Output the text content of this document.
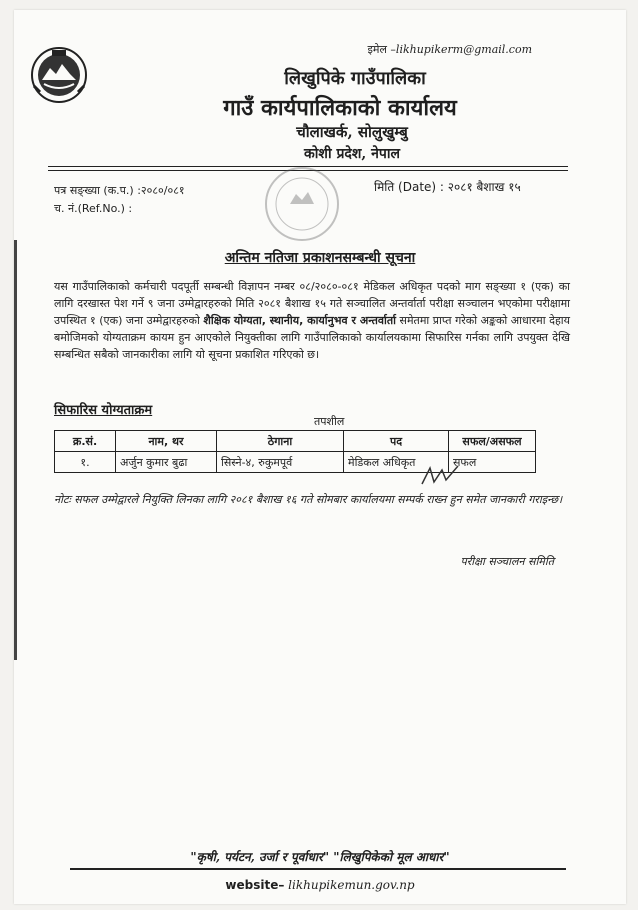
इमेल –likhupikerm@gmail.com
लिखुपिके गाउँपालिका
गाउँ कार्यपालिकाको कार्यालय
चौलाखर्क, सोलुखुम्बु
कोशी प्रदेश, नेपाल
पत्र सङ्ख्या (क.प.) :२०८०/०८१
च. नं.(Ref.No.) :
मिति (Date) : २०८१ बैशाख १५
अन्तिम नतिजा प्रकाशनसम्बन्धी सूचना
यस गाउँपालिकाको कर्मचारी पदपूर्ती सम्बन्धी विज्ञापन नम्बर ०८/२०८०-०८१ मेडिकल अधिकृत पदको माग सङ्ख्या १ (एक) का लागि दरखास्त पेश गर्ने ९ जना उम्मेद्वारहरुको मिति २०८१ बैशाख १५ गते सञ्चालित अन्तर्वार्ता परीक्षा सञ्चालन भएकोमा परीक्षामा उपस्थित १ (एक) जना उम्मेद्वारहरुको शैक्षिक योग्यता, स्थानीय, कार्यानुभव र अन्तर्वार्ता समेतमा प्राप्त गरेको अङ्कको आधारमा देहाय बमोजिमको योग्यताक्रम कायम हुन आएकोले नियुक्तीका लागि गाउँपालिकाको कार्यालयकामा सिफारिस गर्नका लागि उपयुक्त देखि सम्बन्धित सबैको जानकारीका लागि यो सूचना प्रकाशित गरिएको छ।
सिफारिस योग्यताक्रम
तपशील
क्र.सं.	नाम, थर	ठेगाना	पद	सफल/असफल
१.	अर्जुन कुमार बुढा	सिस्ने-४, रुकुमपूर्व	मेडिकल अधिकृत	सफल
नोटः सफल उम्मेद्वारले नियुक्ति लिनका लागि २०८१ बैशाख १६ गते सोमबार कार्यालयमा सम्पर्क राख्न हुन समेत जानकारी गराइन्छ।
परीक्षा सञ्चालन समिति
"कृषी, पर्यटन, उर्जा र पूर्वाधार" "लिखुपिकेको मूल आधार"
website– likhupikemun.gov.np
